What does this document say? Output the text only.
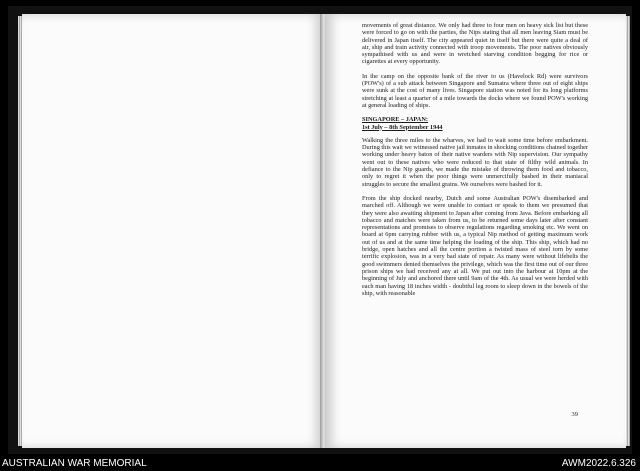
movements of great distance. We only had three to four men on heavy sick list but these were forced to go on with the parties, the Nips stating that all men leaving Siam must be delivered in Japan itself. The city appeared quiet in itself but there were quite a deal of air, ship and train activity connected with troop movements. The poor natives obviously sympathised with us and were in wretched starving condition begging for rice or cigarettes at every opportunity.

In the camp on the opposite bank of the river to us (Havelock Rd) were survivors (POW's) of a sub attack between Singapore and Sumatra where three out of eight ships were sunk at the cost of many lives. Singapore station was noted for its long platforms stretching at least a quarter of a mile towards the docks where we found POW's working at general loading of ships.

SINGAPORE – JAPAN:
1st July – 8th September 1944

Walking the three miles to the wharves, we had to wait some time before embarkment. During this wait we witnessed native jail inmates in shocking conditions chained together working under heavy baton of their native warders with Nip supervision. Our sympathy went out to these natives who were reduced to that state of filthy wild animals. In defiance to the Nip guards, we made the mistake of throwing them food and tobacco, only to regret it when the poor things were unmercifully bashed in their maniacal struggles to secure the smallest grains. We ourselves were bashed for it.

From the ship docked nearby, Dutch and some Australian POW's disembarked and marched off. Although we were unable to contact or speak to them we presumed that they were also awaiting shipment to Japan after coming from Java. Before embarking all tobacco and matches were taken from us, to be returned some days later after constant representations and promises to observe regulations regarding smoking etc. We went on board at 6pm carrying rubber with us, a typical Nip method of getting maximum work out of us and at the same time helping the loading of the ship. This ship, which had no bridge, open hatches and all the centre portion a twisted mass of steel torn by some terrific explosion, was in a very bad state of repair. As many were without lifebelts the good swimmers denied themselves the privilege, which was the first time out of our three prison ships we had received any at all. We put out into the harbour at 10pm at the beginning of July and anchored there until 9am of the 4th. As usual we were herded with each man having 18 inches width - doubtful leg room to sleep down in the bowels of the ship, with reasonable

39
AUSTRALIAN WAR MEMORIAL	AWM2022.6.326
